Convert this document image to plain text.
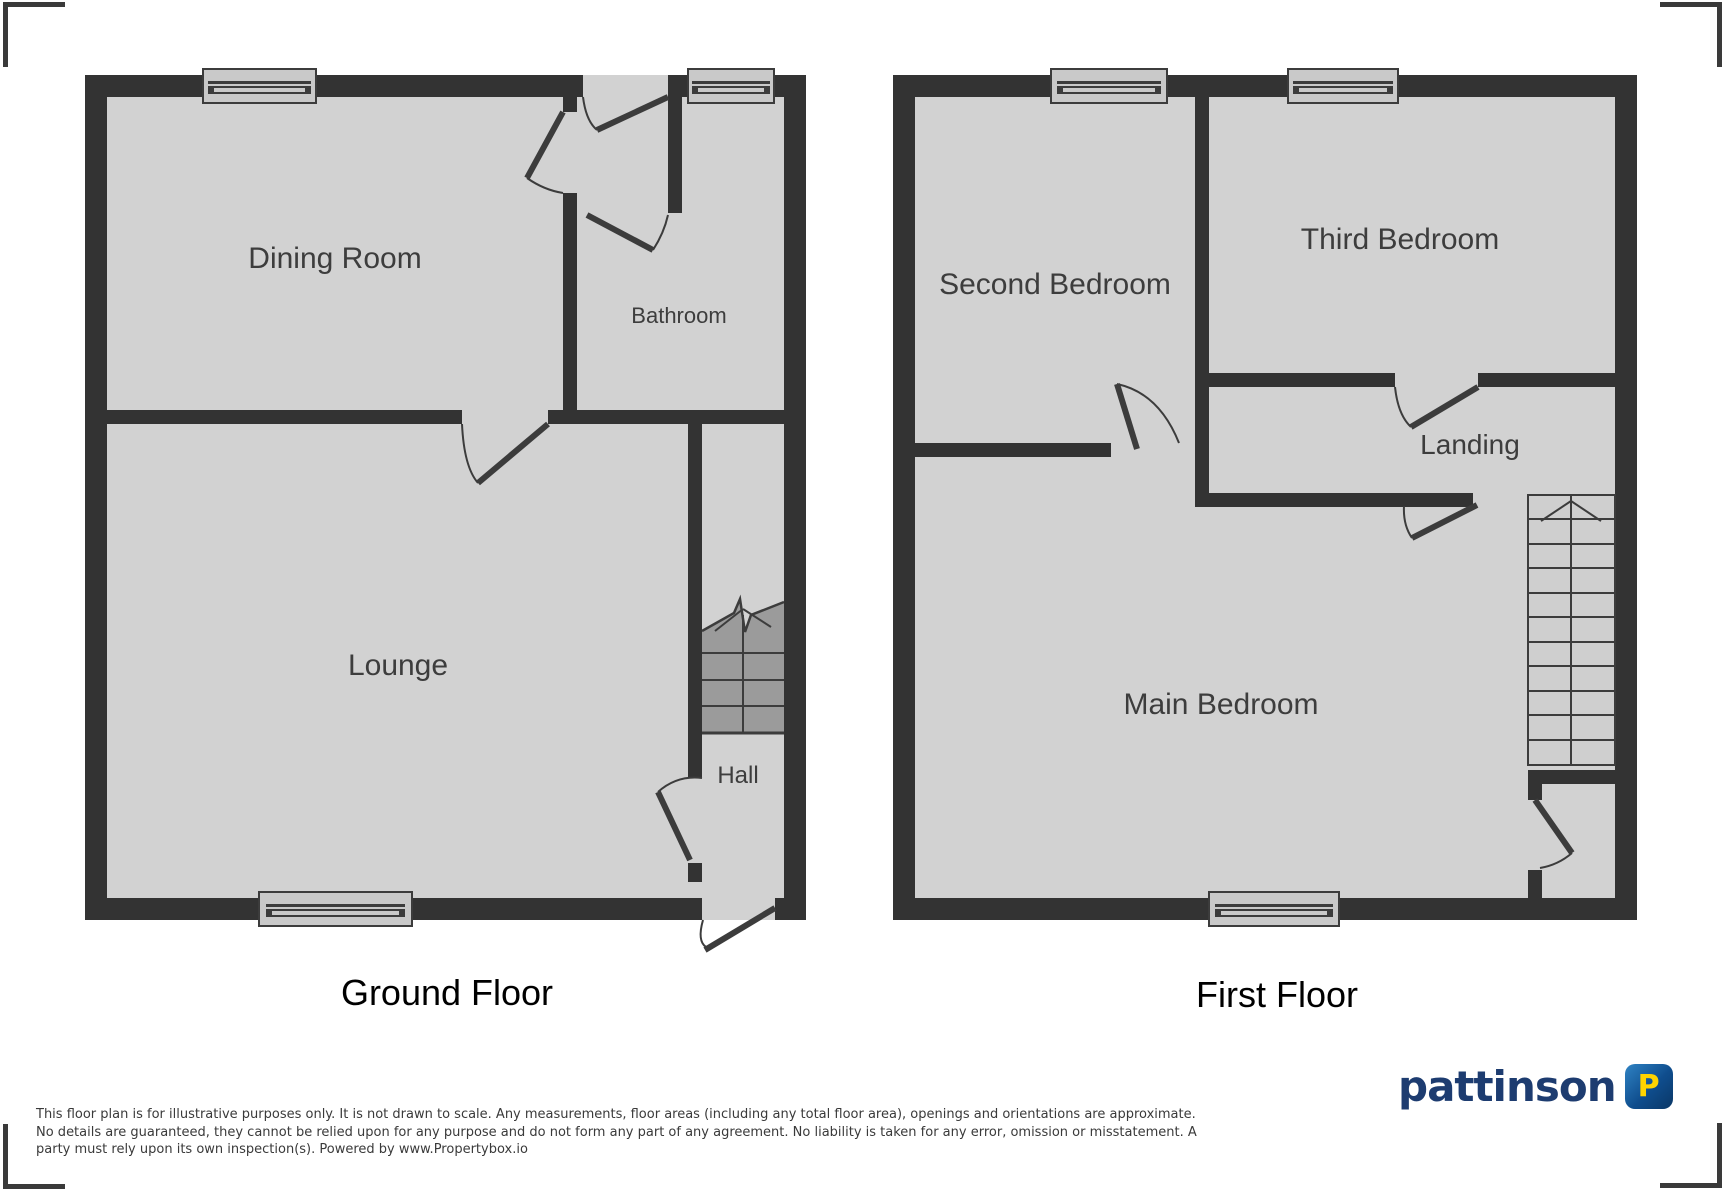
Dining Room
Bathroom
Lounge
Hall
Second Bedroom
Third Bedroom
Landing
Main Bedroom
Ground Floor	First Floor
This floor plan is for illustrative purposes only. It is not drawn to scale. Any measurements, floor areas (including any total floor area), openings and orientations are approximate.
No details are guaranteed, they cannot be relied upon for any purpose and do not form any part of any agreement. No liability is taken for any error, omission or misstatement. A
party must rely upon its own inspection(s). Powered by www.Propertybox.io
pattinson P
